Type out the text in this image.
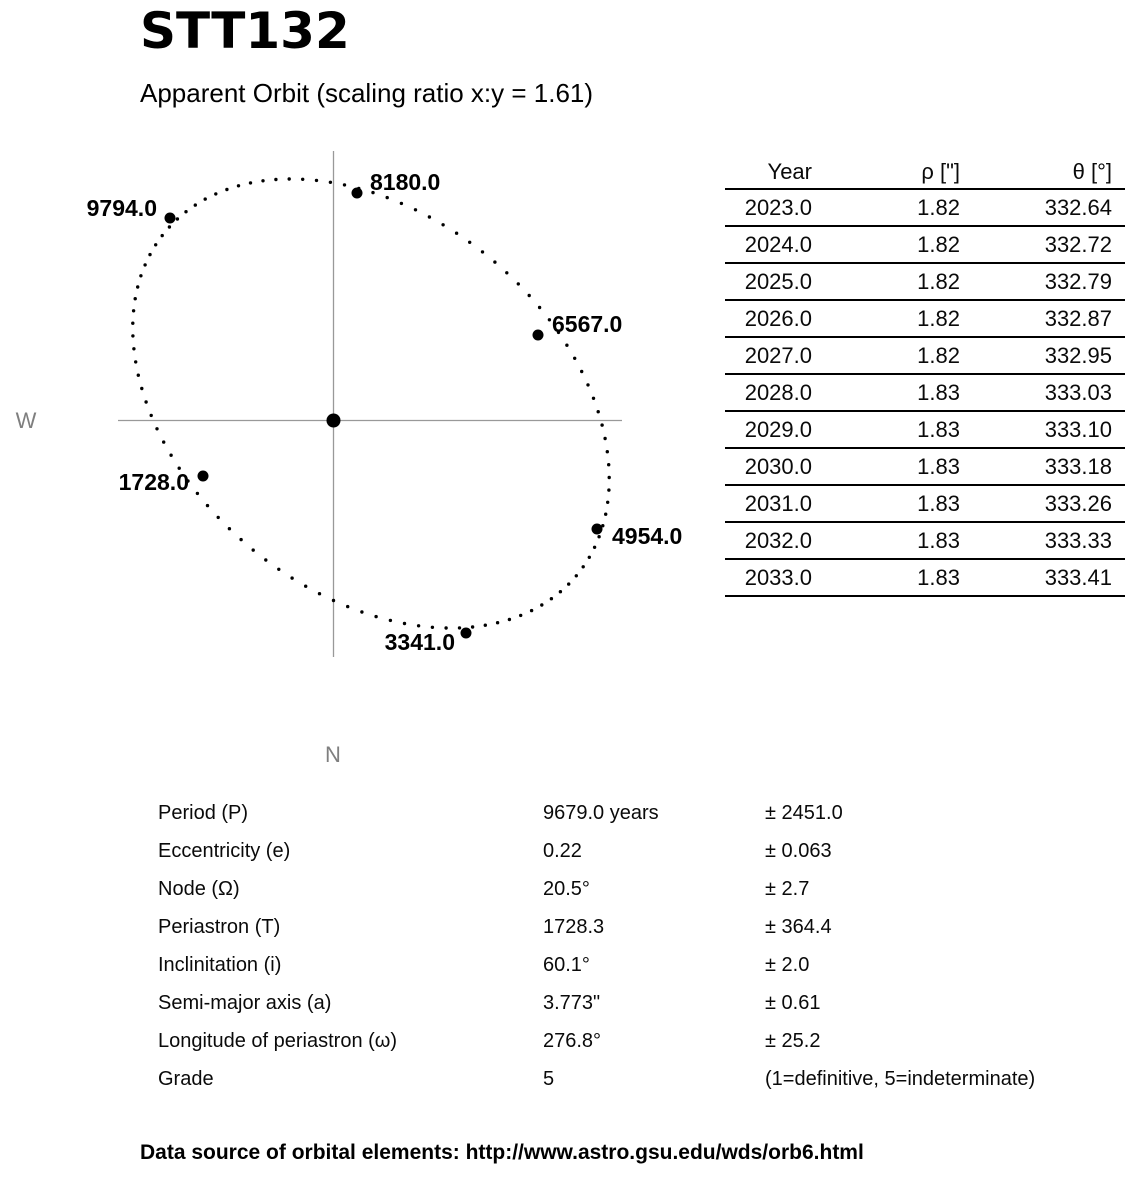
STT132
Apparent Orbit (scaling ratio x:y = 1.61)
9794.0
8180.0
6567.0
4954.0
3341.0
1728.0
W
N
Year	ρ ["]	θ [°]
2023.0	1.82	332.64
2024.0	1.82	332.72
2025.0	1.82	332.79
2026.0	1.82	332.87
2027.0	1.82	332.95
2028.0	1.83	333.03
2029.0	1.83	333.10
2030.0	1.83	333.18
2031.0	1.83	333.26
2032.0	1.83	333.33
2033.0	1.83	333.41
Period (P)	9679.0 years	± 2451.0
Eccentricity (e)	0.22	± 0.063
Node (Ω)	20.5°	± 2.7
Periastron (T)	1728.3	± 364.4
Inclinitation (i)	60.1°	± 2.0
Semi-major axis (a)	3.773"	± 0.61
Longitude of periastron (ω)	276.8°	± 25.2
Grade	5	(1=definitive, 5=indeterminate)
Data source of orbital elements: http://www.astro.gsu.edu/wds/orb6.html
